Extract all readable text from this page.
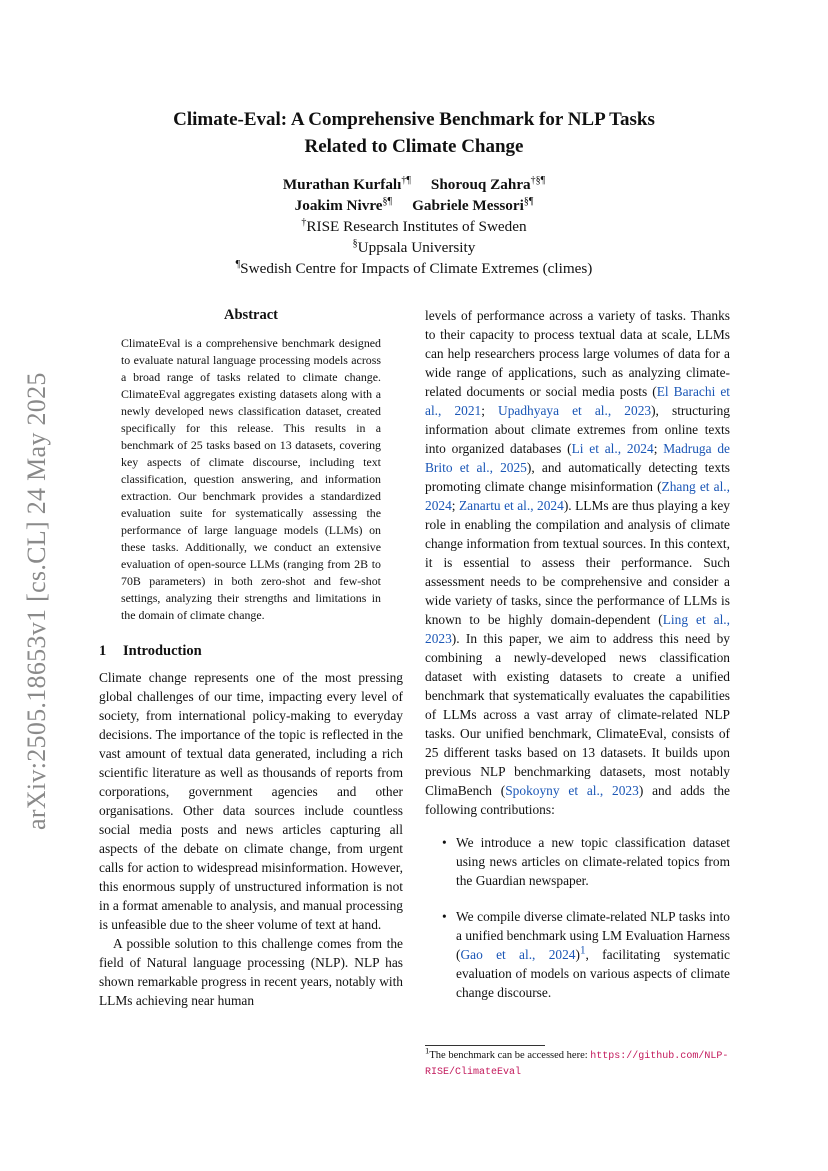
arXiv:2505.18653v1 [cs.CL] 24 May 2025
Climate-Eval: A Comprehensive Benchmark for NLP Tasks
Related to Climate Change
Murathan Kurfalı†¶ Shorouq Zahra†§¶
Joakim Nivre§¶ Gabriele Messori§¶
†RISE Research Institutes of Sweden
§Uppsala University
¶Swedish Centre for Impacts of Climate Extremes (climes)
Abstract

ClimateEval is a comprehensive benchmark designed to evaluate natural language processing models across a broad range of tasks related to climate change. ClimateEval aggregates existing datasets along with a newly developed news classification dataset, created specifically for this release. This results in a benchmark of 25 tasks based on 13 datasets, covering key aspects of climate discourse, including text classification, question answering, and information extraction. Our benchmark provides a standardized evaluation suite for systematically assessing the performance of large language models (LLMs) on these tasks. Additionally, we conduct an extensive evaluation of open-source LLMs (ranging from 2B to 70B parameters) in both zero-shot and few-shot settings, analyzing their strengths and limitations in the domain of climate change.

1 Introduction

Climate change represents one of the most pressing global challenges of our time, impacting every level of society, from international policy-making to everyday decisions. The importance of the topic is reflected in the vast amount of textual data generated, including a rich scientific literature as well as thousands of reports from corporations, government agencies and other organisations. Other data sources include countless social media posts and news articles capturing all aspects of the debate on climate change, from urgent calls for action to widespread misinformation. However, this enormous supply of unstructured information is not in a format amenable to analysis, and manual processing is unfeasible due to the sheer volume of text at hand.

A possible solution to this challenge comes from the field of Natural language processing (NLP). NLP has shown remarkable progress in recent years, notably with LLMs achieving near human

levels of performance across a variety of tasks. Thanks to their capacity to process textual data at scale, LLMs can help researchers process large volumes of data for a wide range of applications, such as analyzing climate-related documents or social media posts (El Barachi et al., 2021; Upadhyaya et al., 2023), structuring information about climate extremes from online texts into organized databases (Li et al., 2024; Madruga de Brito et al., 2025), and automatically detecting texts promoting climate change misinformation (Zhang et al., 2024; Zanartu et al., 2024). LLMs are thus playing a key role in enabling the compilation and analysis of climate change information from textual sources. In this context, it is essential to assess their performance. Such assessment needs to be comprehensive and consider a wide variety of tasks, since the performance of LLMs is known to be highly domain-dependent (Ling et al., 2023). In this paper, we aim to address this need by combining a newly-developed news classification dataset with existing datasets to create a unified benchmark that systematically evaluates the capabilities of LLMs across a vast array of climate-related NLP tasks. Our unified benchmark, ClimateEval, consists of 25 different tasks based on 13 datasets. It builds upon previous NLP benchmarking datasets, most notably ClimaBench (Spokoyny et al., 2023) and adds the following contributions:

• We introduce a new topic classification dataset using news articles on climate-related topics from the Guardian newspaper.
• We compile diverse climate-related NLP tasks into a unified benchmark using LM Evaluation Harness (Gao et al., 2024)$^1$, facilitating systematic evaluation of models on various aspects of climate change discourse.
$^1$The benchmark can be accessed here: https://github.com/NLP-RISE/ClimateEval
